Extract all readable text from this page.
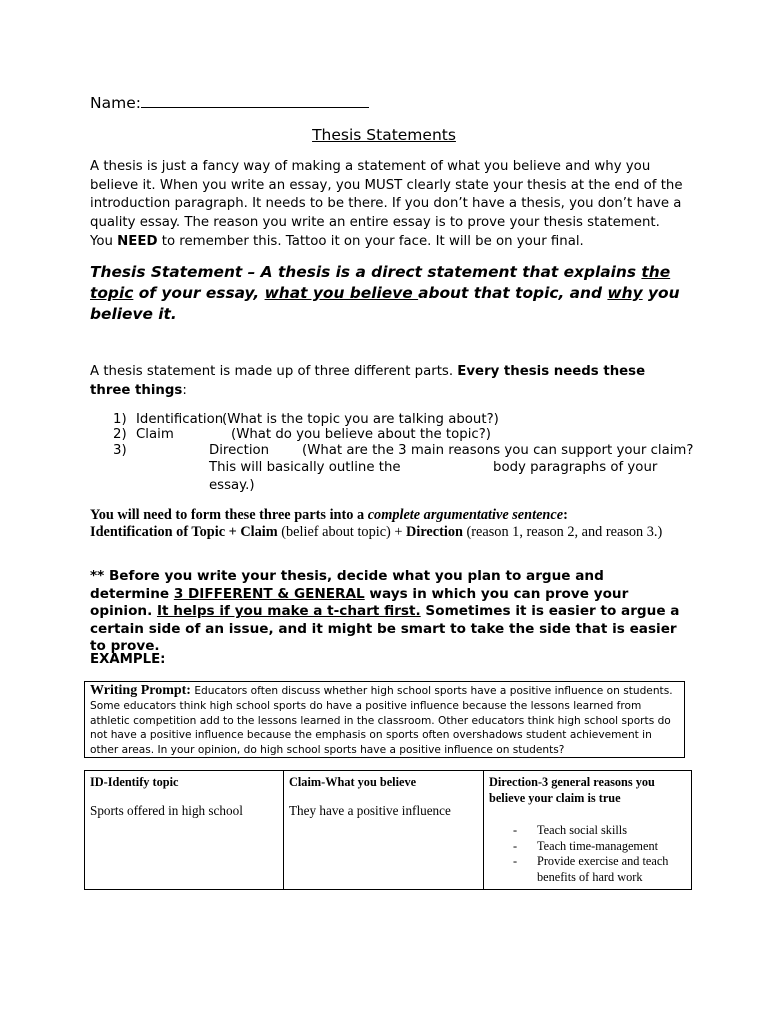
Name:
Thesis Statements
A thesis is just a fancy way of making a statement of what you believe and why you believe it. When you write an essay, you MUST clearly state your thesis at the end of the introduction paragraph. It needs to be there. If you don’t have a thesis, you don’t have a quality essay. The reason you write an entire essay is to prove your thesis statement. You NEED to remember this. Tattoo it on your face. It will be on your final.
Thesis Statement – A thesis is a direct statement that explains the topic of your essay, what you believe about that topic, and why you believe it.
A thesis statement is made up of three different parts. Every thesis needs these three things:
1) Identification
(What is the topic you are talking about?)
2) Claim	(What do you believe about the topic?)
3)	Direction (What are the 3 main reasons you can support your claim?
This will basically outline the	body paragraphs of your
essay.)
You will need to form these three parts into a complete argumentative sentence:
Identification of Topic + Claim (belief about topic) + Direction (reason 1, reason 2, and reason 3.)
** Before you write your thesis, decide what you plan to argue and determine 3 DIFFERENT & GENERAL ways in which you can prove your opinion. It helps if you make a t-chart first. Sometimes it is easier to argue a certain side of an issue, and it might be smart to take the side that is easier to prove.
EXAMPLE:
Writing Prompt: Educators often discuss whether high school sports have a positive influence on students. Some educators think high school sports do have a positive influence because the lessons learned from athletic competition add to the lessons learned in the classroom. Other educators think high school sports do not have a positive influence because the emphasis on sports often overshadows student achievement in other areas. In your opinion, do high school sports have a positive influence on students?
ID-Identify topic
Sports offered in high school

Claim-What you believe
They have a positive influence

Direction-3 general reasons you believe your claim is true
- Teach social skills
- Teach time-management
- Provide exercise and teach benefits of hard work
